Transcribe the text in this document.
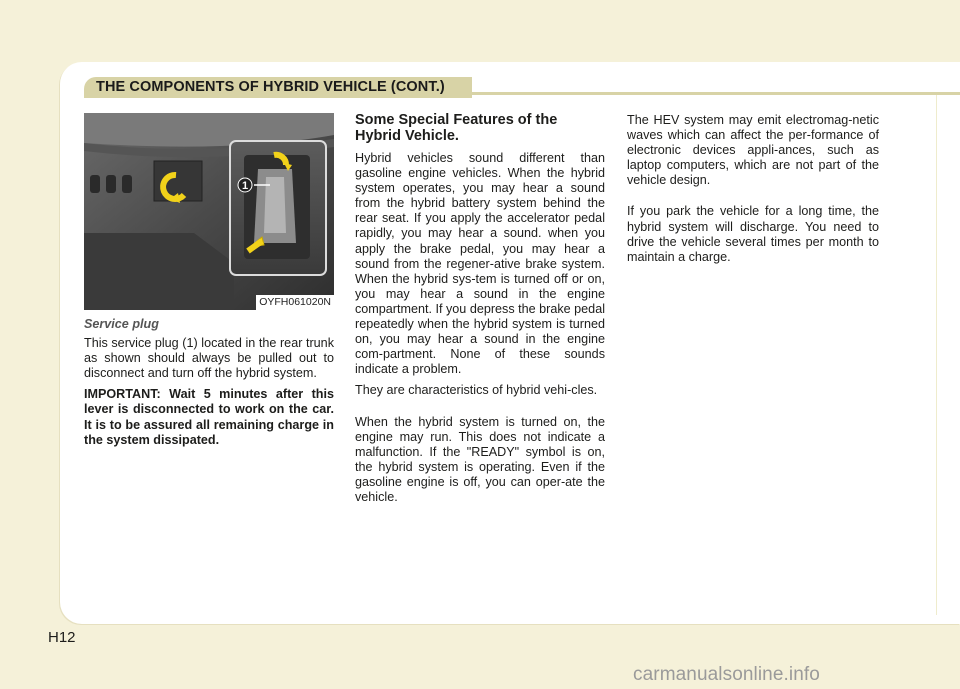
THE COMPONENTS OF HYBRID VEHICLE (CONT.)
1
OYFH061020N
Service plug

This service plug (1) located in the rear trunk as shown should always be pulled out to disconnect and turn off the hybrid system.

IMPORTANT: Wait 5 minutes after this lever is disconnected to work on the car. It is to be assured all remaining charge in the system dissipated.

Some Special Features of the Hybrid Vehicle.

Hybrid vehicles sound different than gasoline engine vehicles. When the hybrid system operates, you may hear a sound from the hybrid battery system behind the rear seat. If you apply the accelerator pedal rapidly, you may hear a sound. when you apply the brake pedal, you may hear a sound from the regener-ative brake system. When the hybrid sys-tem is turned off or on, you may hear a sound in the engine compartment. If you depress the brake pedal repeatedly when the hybrid system is turned on, you may hear a sound in the engine com-partment. None of these sounds indicate a problem.

They are characteristics of hybrid vehi-cles.

When the hybrid system is turned on, the engine may run. This does not indicate a malfunction. If the "READY" symbol is on, the hybrid system is operating. Even if the gasoline engine is off, you can oper-ate the vehicle.

The HEV system may emit electromag-netic waves which can affect the per-formance of electronic devices appli-ances, such as laptop computers, which are not part of the vehicle design.

If you park the vehicle for a long time, the hybrid system will discharge. You need to drive the vehicle several times per month to maintain a charge.

H12
carmanualsonline.info
